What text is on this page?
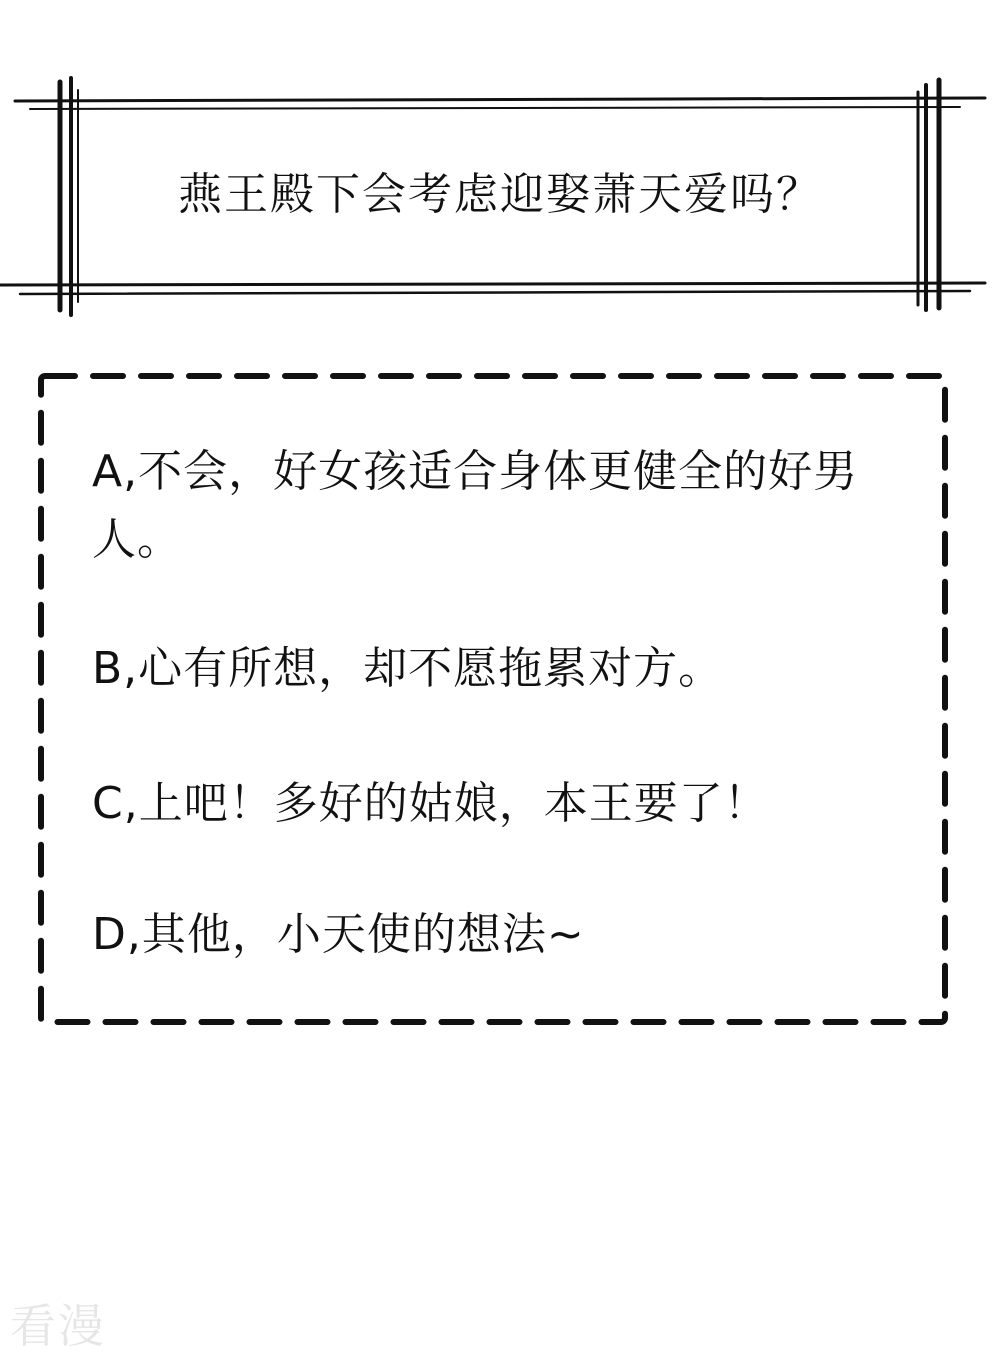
燕王殿下会考虑迎娶萧天爱吗？
A,不会，好女孩适合身体更健全的好男人。
B,心有所想，却不愿拖累对方。
C,上吧！多好的姑娘，本王要了！
D,其他，小天使的想法~
看漫
